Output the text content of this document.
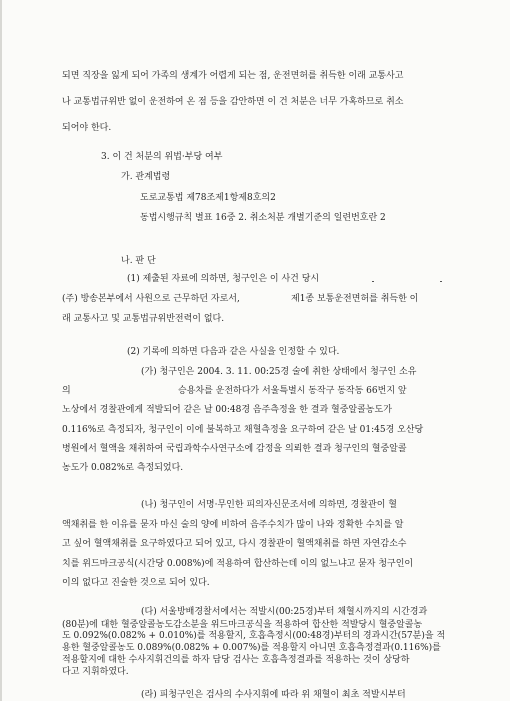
되면 직장을 잃게 되어 가족의 생계가 어렵게 되는 점, 운전면허를 취득한 이래 교통사고
나 교통법규위반 없이 운전하여 온 점 등을 감안하면 이 건 처분은 너무 가혹하므로 취소
되어야 한다.
3. 이 건 처분의 위법·부당 여부
가. 관계법령
도로교통법 제78조제1항제8호의2
동법시행규칙 별표 16중 2. 취소처분 개별기준의 일련번호란 2
나. 판 단
(1) 제출된 자료에 의하면, 청구인은 이 사건 당시
(주) 방송본부에서 사원으로 근무하던 자로서,	제1종 보통운전면허를 취득한 이
래 교통사고 및 교통법규위반전력이 없다.
(2) 기록에 의하면 다음과 같은 사실을 인정할 수 있다.
(가) 청구인은 2004. 3. 11. 00:25경 술에 취한 상태에서 청구인 소유
의	승용차를 운전하다가 서울특별시 동작구 동작동 66번지 앞
노상에서 경찰관에게 적발되어 같은 날 00:48경 음주측정을 한 결과 혈중알콜농도가
0.116%로 측정되자, 청구인이 이에 불복하고 채혈측정을 요구하여 같은 날 01:45경 오산당
병원에서 혈액을 채취하여 국립과학수사연구소에 감정을 의뢰한 결과 청구인의 혈중알콜
농도가 0.082%로 측정되었다.
(나) 청구인이 서명·무인한 피의자신문조서에 의하면, 경찰관이 혈
액채취를 한 이유를 묻자 마신 술의 양에 비하여 음주수치가 많이 나와 정확한 수치를 알
고 싶어 혈액채취를 요구하였다고 되어 있고, 다시 경찰관이 혈액채취를 하면 자연감소수
치를 위드마크공식(시간당 0.008%)에 적용하여 합산하는데 이의 없느냐고 묻자 청구인이
이의 없다고 진술한 것으로 되어 있다.
(다) 서울방배경찰서에서는 적발시(00:25경)부터 채혈시까지의 시간경과
(80분)에 대한 혈중알콜농도감소분을 위드마크공식을 적용하여 합산한 적발당시 혈중알콜농
도 0.092%(0.082% + 0.010%)를 적용할지, 호흡측정시(00:48경)부터의 경과시간(57분)을 적
용한 혈중알콜농도 0.089%(0.082% + 0.007%)를 적용할지 아니면 호흡측정결과(0.116%)를
적용할지에 대한 수사지휘건의를 하자 담당 검사는 호흡측정결과를 적용하는 것이 상당하
다고 지휘하였다.
(라) 피청구인은 검사의 수사지휘에 따라 위 채혈이 최초 적발시부터
